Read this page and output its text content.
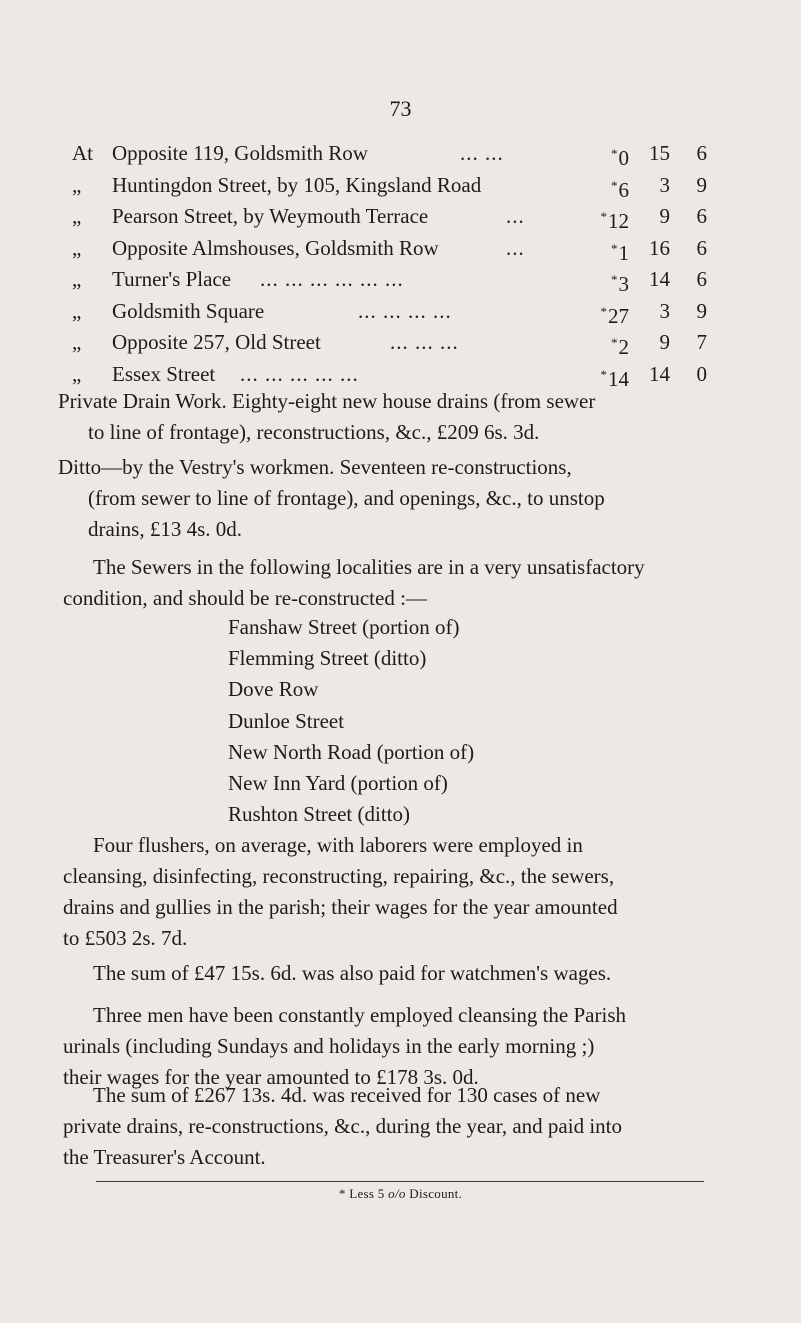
73
At Opposite 119, Goldsmith Row	... ...	*0 15	6
„ Huntingdon Street, by 105, Kingsland Road	*6	3	9
„ Pearson Street, by Weymouth Terrace	...	*12	9	6
„ Opposite Almshouses, Goldsmith Row	...	*1 16	6
„ Turner's Place ... ... ... ... ... ...	*3 14	6
„ Goldsmith Square	... ... ... ...	*27	3	9
„ Opposite 257, Old Street	... ... ...	*2	9	7
„ Essex Street ... ... ... ... ...	*14 14	0
Private Drain Work. Eighty-eight new house drains (from sewer
to line of frontage), reconstructions, &c., £209 6s. 3d.
Ditto—by the Vestry's workmen. Seventeen re-constructions,
(from sewer to line of frontage), and openings, &c., to unstop
drains, £13 4s. 0d.
The Sewers in the following localities are in a very unsatisfactory
condition, and should be re-constructed :—
Fanshaw Street (portion of)
Flemming Street (ditto)
Dove Row
Dunloe Street
New North Road (portion of)
New Inn Yard (portion of)
Rushton Street (ditto)
Four flushers, on average, with laborers were employed in
cleansing, disinfecting, reconstructing, repairing, &c., the sewers,
drains and gullies in the parish; their wages for the year amounted
to £503 2s. 7d.
The sum of £47 15s. 6d. was also paid for watchmen's wages.
Three men have been constantly employed cleansing the Parish
urinals (including Sundays and holidays in the early morning ;)
their wages for the year amounted to £178 3s. 0d.
The sum of £267 13s. 4d. was received for 130 cases of new
private drains, re-constructions, &c., during the year, and paid into
the Treasurer's Account.
* Less 5 o/o Discount.
